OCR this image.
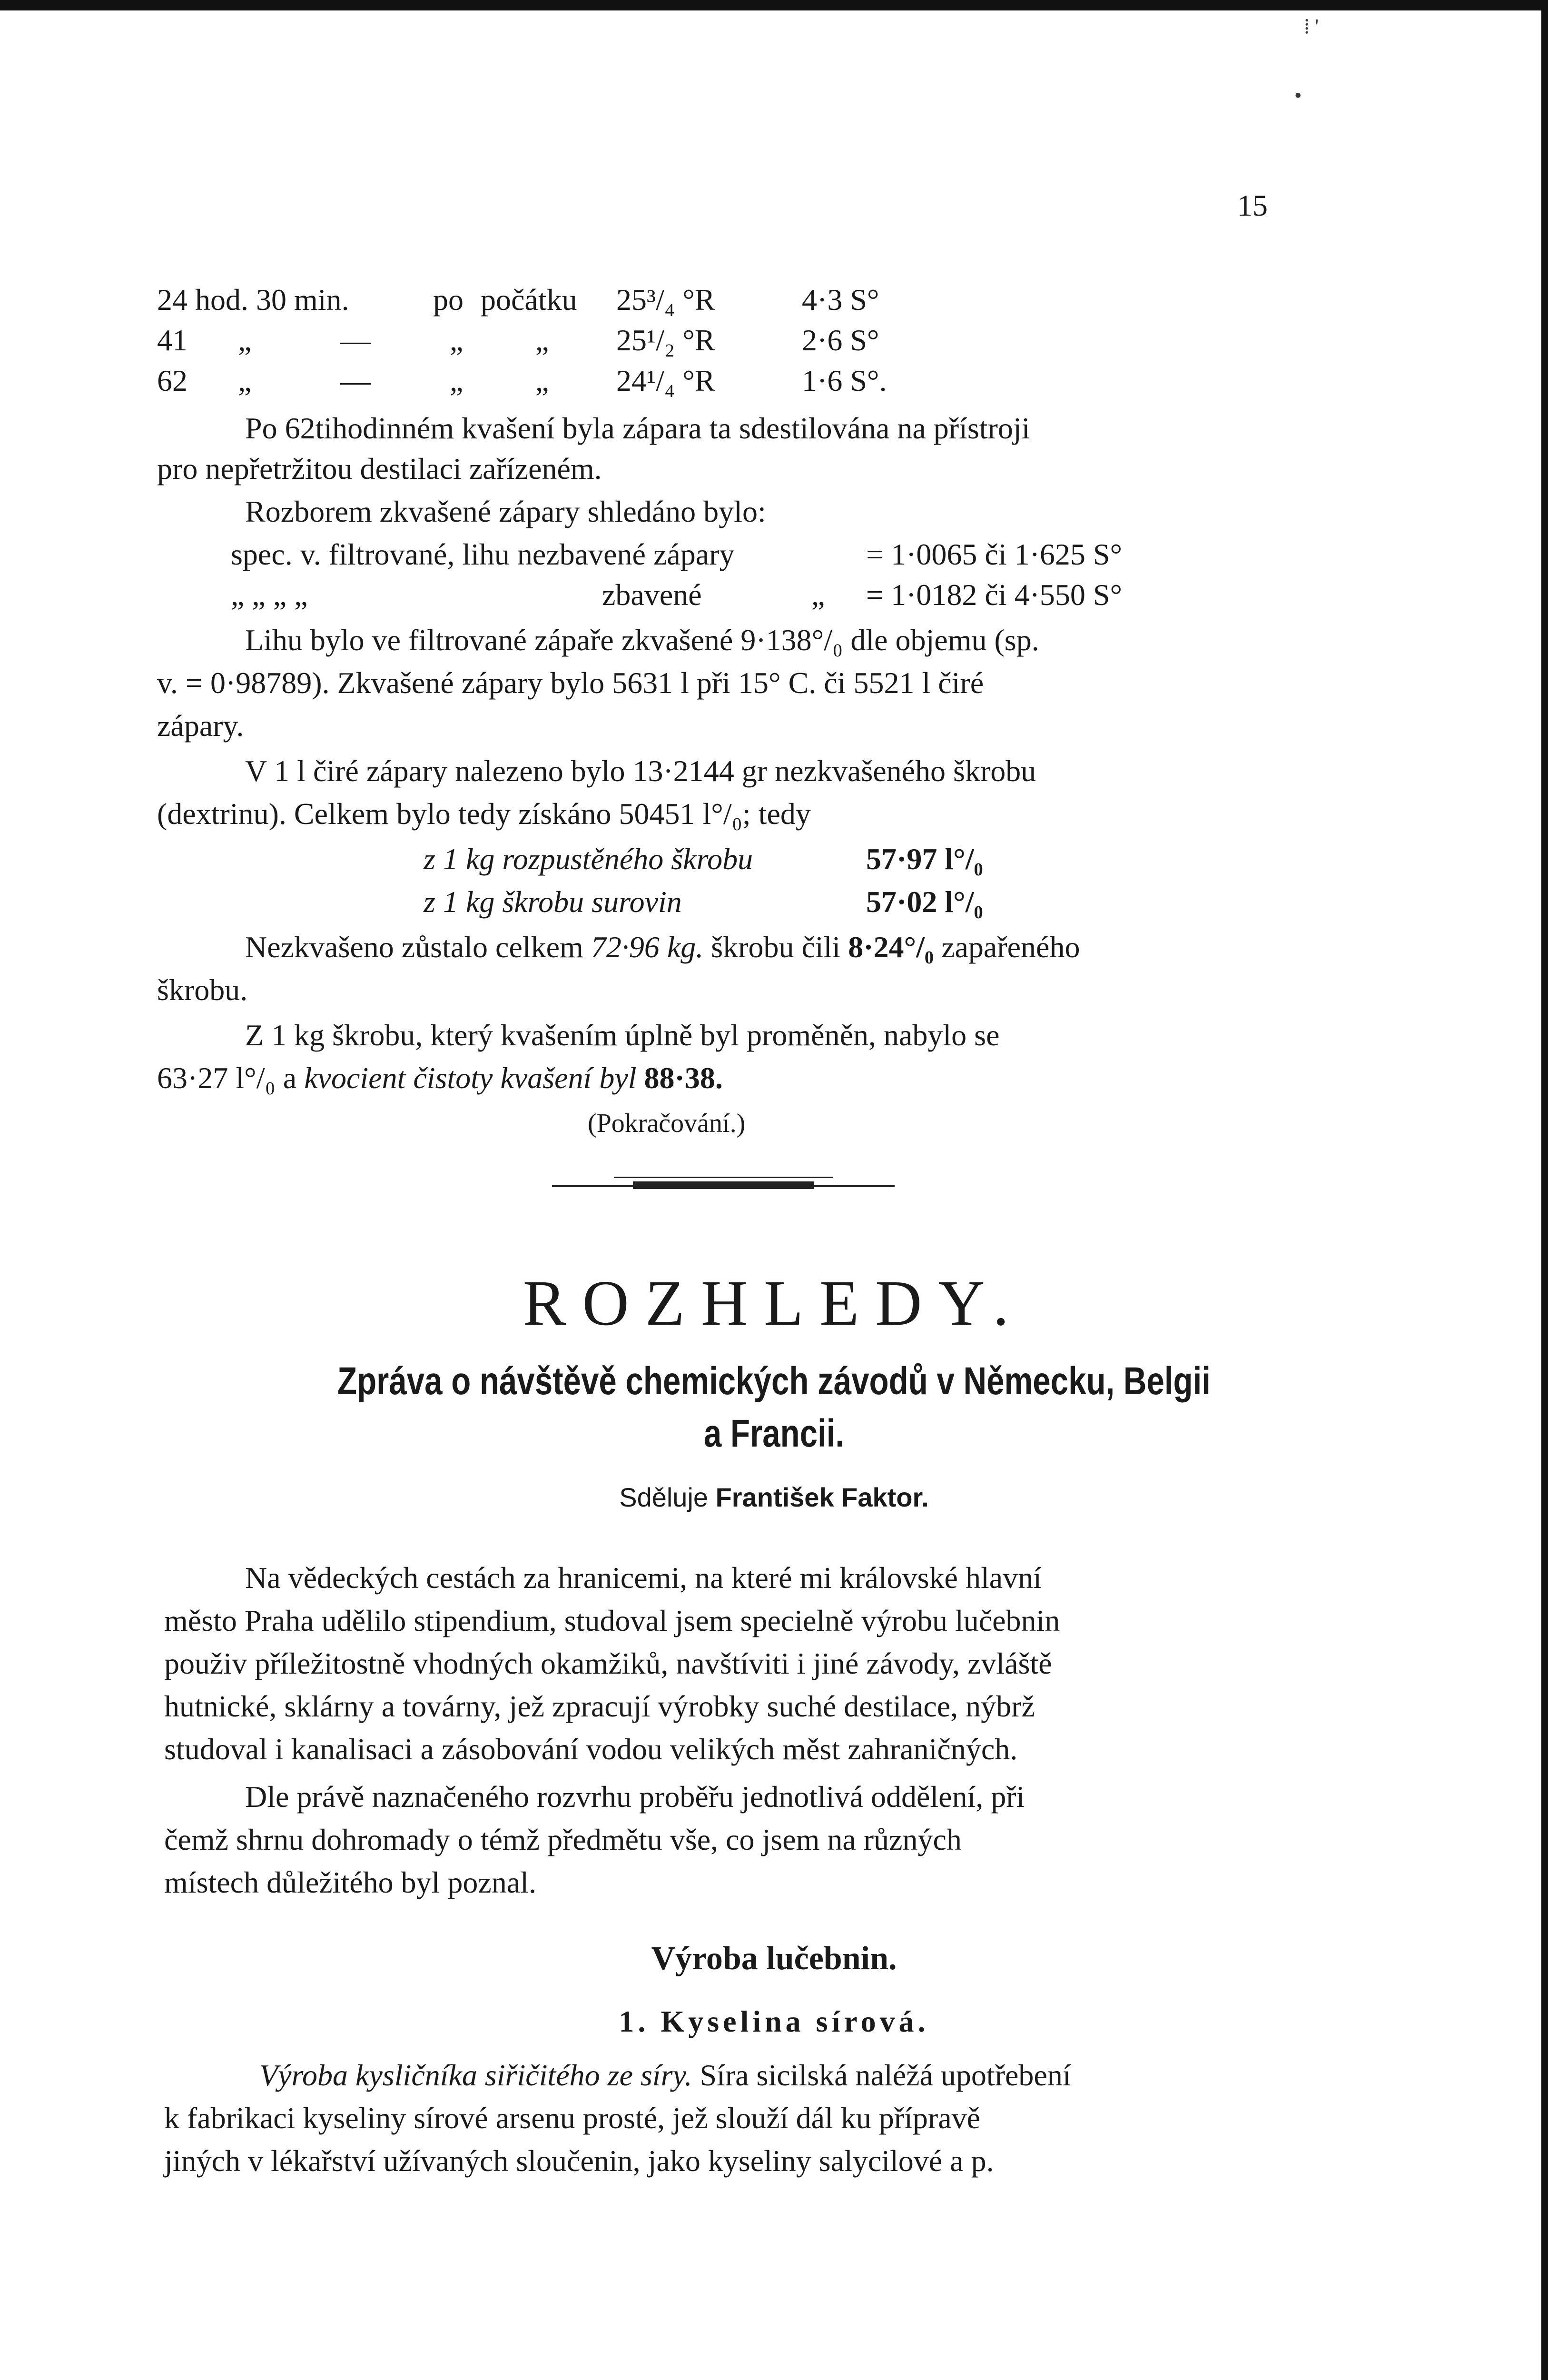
⁞ '
•
15
24 hod. 30 min.	po počátku 25³/₄ °R	4·3 S°
41 „	—	„ „ 25¹/₂ °R	2·6 S°
62 „	—	„ „ 24¹/₄ °R	1·6 S°.
Po 62tihodinném kvašení byla zápara ta sdestilována na přístroji
pro nepřetržitou destilaci zařízeném.
Rozborem zkvašené zápary shledáno bylo:
spec. v. filtrované, lihu nezbavené zápary	= 1·0065 či 1·625 S°
„ „ „ „	zbavené	„ = 1·0182 či 4·550 S°
Lihu bylo ve filtrované zápaře zkvašené 9·138°/₀ dle objemu (sp.
v. = 0·98789). Zkvašené zápary bylo 5631 l při 15° C. či 5521 l čiré
zápary.
V 1 l čiré zápary nalezeno bylo 13·2144 gr nezkvašeného škrobu
(dextrinu). Celkem bylo tedy získáno 50451 l°/₀; tedy
z 1 kg rozpustěného škrobu	57·97 l°/₀
z 1 kg škrobu surovin	57·02 l°/₀
Nezkvašeno zůstalo celkem 72·96 kg. škrobu čili 8·24°/₀ zapařeného
škrobu.
Z 1 kg škrobu, který kvašením úplně byl proměněn, nabylo se
63·27 l°/₀ a kvocient čistoty kvašení byl 88·38.
(Pokračování.)
ROZHLEDY.
Zpráva o návštěvě chemických závodů v Německu, Belgii
a Francii.
Sděluje František Faktor.
Na vědeckých cestách za hranicemi, na které mi královské hlavní
město Praha udělilo stipendium, studoval jsem specielně výrobu lučebnin
použiv příležitostně vhodných okamžiků, navštíviti i jiné závody, zvláště
hutnické, sklárny a továrny, jež zpracují výrobky suché destilace, nýbrž
studoval i kanalisaci a zásobování vodou velikých měst zahraničných.
Dle právě naznačeného rozvrhu proběřu jednotlivá oddělení, při
čemž shrnu dohromady o témž předmětu vše, co jsem na různých
místech důležitého byl poznal.
Výroba lučebnin.
1. Kyselina sírová.
Výroba kysličníka siřičitého ze síry. Síra sicilská naléžá upotřebení
k fabrikaci kyseliny sírové arsenu prosté, jež slouží dál ku přípravě
jiných v lékařství užívaných sloučenin, jako kyseliny salycilové a p.
